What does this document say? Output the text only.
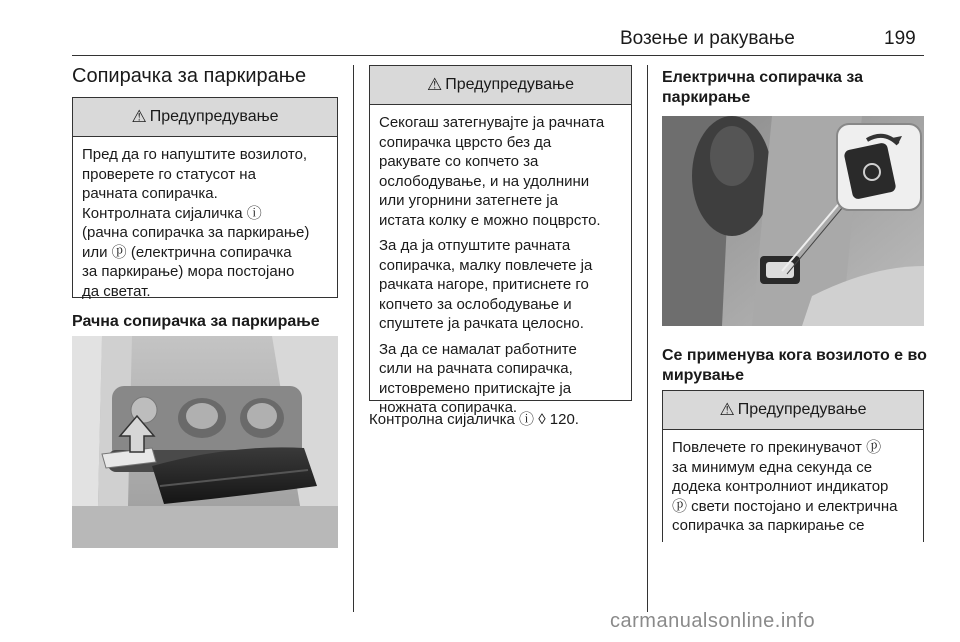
Возење и ракување	199
Сопирачка за паркирање
⚠ Предупредување
Пред да го напуштите возилото,
проверете го статусот на
рачната сопирачка.
Контролната сијаличка ⓘ
(рачна сопирачка за паркирање)
или ⓟ (електрична сопирачка
за паркирање) мора постојано
да светат.
Рачна сопирачка за паркирање
⚠ Предупредување

Секогаш затегнувајте ја рачната
сопирачка цврсто без да
ракувате со копчето за
ослободување, и на удолнини
или угорнини затегнете ја
истата колку е можно поцврсто.

За да ја отпуштите рачната
сопирачка, малку повлечете ја
рачката нагоре, притиснете го
копчето за ослободување и
спуштете ја рачката целосно.

За да се намалат работните
сили на рачната сопирачка,
истовремено притискајте ја
ножната сопирачка.

Контролна сијаличка ⓘ ◊ 120.
Електрична сопирачка за
паркирање
Се применува кога возилото е во
мирување
⚠ Предупредување
Повлечете го прекинувачот ⓟ
за минимум една секунда се
додека контролниот индикатор
ⓟ свети постојано и електрична
сопирачка за паркирање се
carmanualsonline.info
